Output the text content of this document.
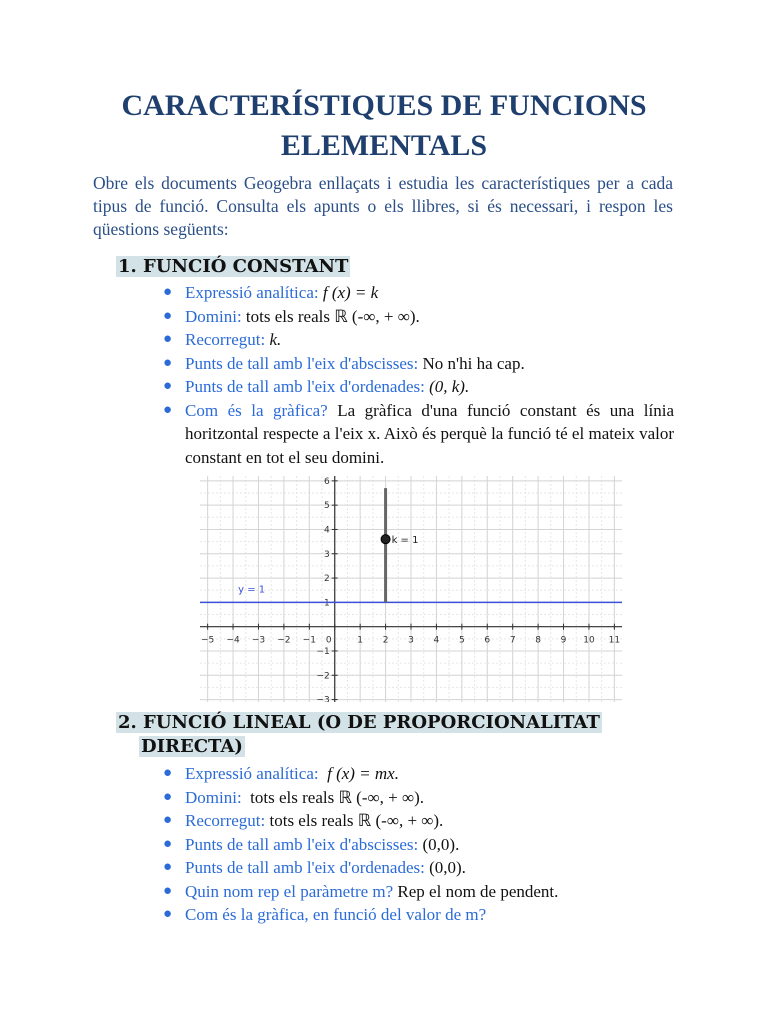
CARACTERÍSTIQUES DE FUNCIONS ELEMENTALS

Obre els documents Geogebra enllaçats i estudia les característiques per a cada tipus de funció. Consulta els apunts o els llibres, si és necessari, i respon les qüestions següents:

1. FUNCIÓ CONSTANT
● Expressió analítica: f (x) = k
● Domini: tots els reals ℝ (-∞, + ∞).
● Recorregut: k.
● Punts de tall amb l'eix d'abscisses: No n'hi ha cap.
● Punts de tall amb l'eix d'ordenades: (0, k).
● Com és la gràfica? La gràfica d'una funció constant és una línia horitzontal respecte a l'eix x. Això és perquè la funció té el mateix valor constant en tot el seu domini.
−5 −4 −3 −2 −1 0	1 2 3 4 5 6 7 8 9 10 11
−3
−2
−1
1
2
3
4
5
6
y = 1
k = 1
2. FUNCIÓ LINEAL (O DE PROPORCIONALITAT
DIRECTA)
● Expressió analítica: f (x) = mx.
● Domini: tots els reals ℝ (-∞, + ∞).
● Recorregut: tots els reals ℝ (-∞, + ∞).
● Punts de tall amb l'eix d'abscisses: (0,0).
● Punts de tall amb l'eix d'ordenades: (0,0).
● Quin nom rep el paràmetre m? Rep el nom de pendent.
● Com és la gràfica, en funció del valor de m?
